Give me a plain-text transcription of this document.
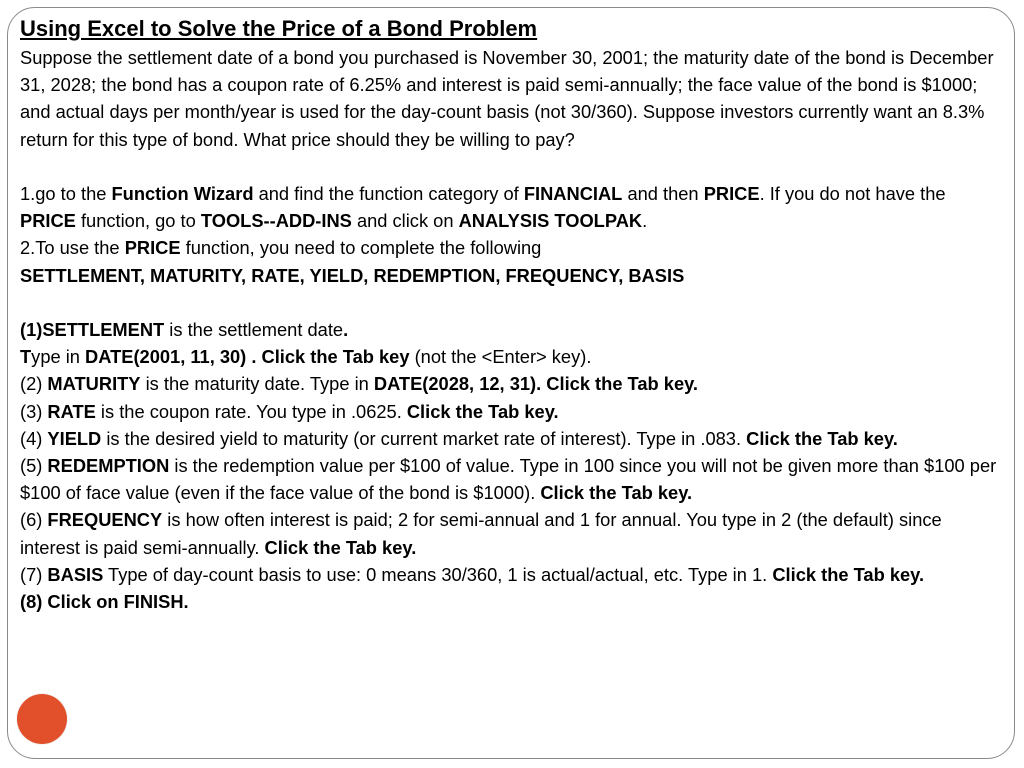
Using Excel to Solve the Price of a Bond Problem

Suppose the settlement date of a bond you purchased is November 30, 2001; the maturity date of the bond is December 31, 2028; the bond has a coupon rate of 6.25% and interest is paid semi-annually; the face value of the bond is $1000; and actual days per month/year is used for the day-count basis (not 30/360). Suppose investors currently want an 8.3% return for this type of bond. What price should they be willing to pay?

1.go to the Function Wizard and find the function category of FINANCIAL and then PRICE. If you do not have the PRICE function, go to TOOLS--ADD-INS and click on ANALYSIS TOOLPAK.

2.To use the PRICE function, you need to complete the following

SETTLEMENT, MATURITY, RATE, YIELD, REDEMPTION, FREQUENCY, BASIS

(1)SETTLEMENT is the settlement date.

Type in DATE(2001, 11, 30) . Click the Tab key (not the <Enter> key).

(2) MATURITY is the maturity date. Type in DATE(2028, 12, 31). Click the Tab key.

(3) RATE is the coupon rate. You type in .0625. Click the Tab key.

(4) YIELD is the desired yield to maturity (or current market rate of interest). Type in .083. Click the Tab key.

(5) REDEMPTION is the redemption value per $100 of value. Type in 100 since you will not be given more than $100 per $100 of face value (even if the face value of the bond is $1000). Click the Tab key.

(6) FREQUENCY is how often interest is paid; 2 for semi-annual and 1 for annual. You type in 2 (the default) since interest is paid semi-annually. Click the Tab key.

(7) BASIS Type of day-count basis to use: 0 means 30/360, 1 is actual/actual, etc. Type in 1. Click the Tab key.

(8) Click on FINISH.
